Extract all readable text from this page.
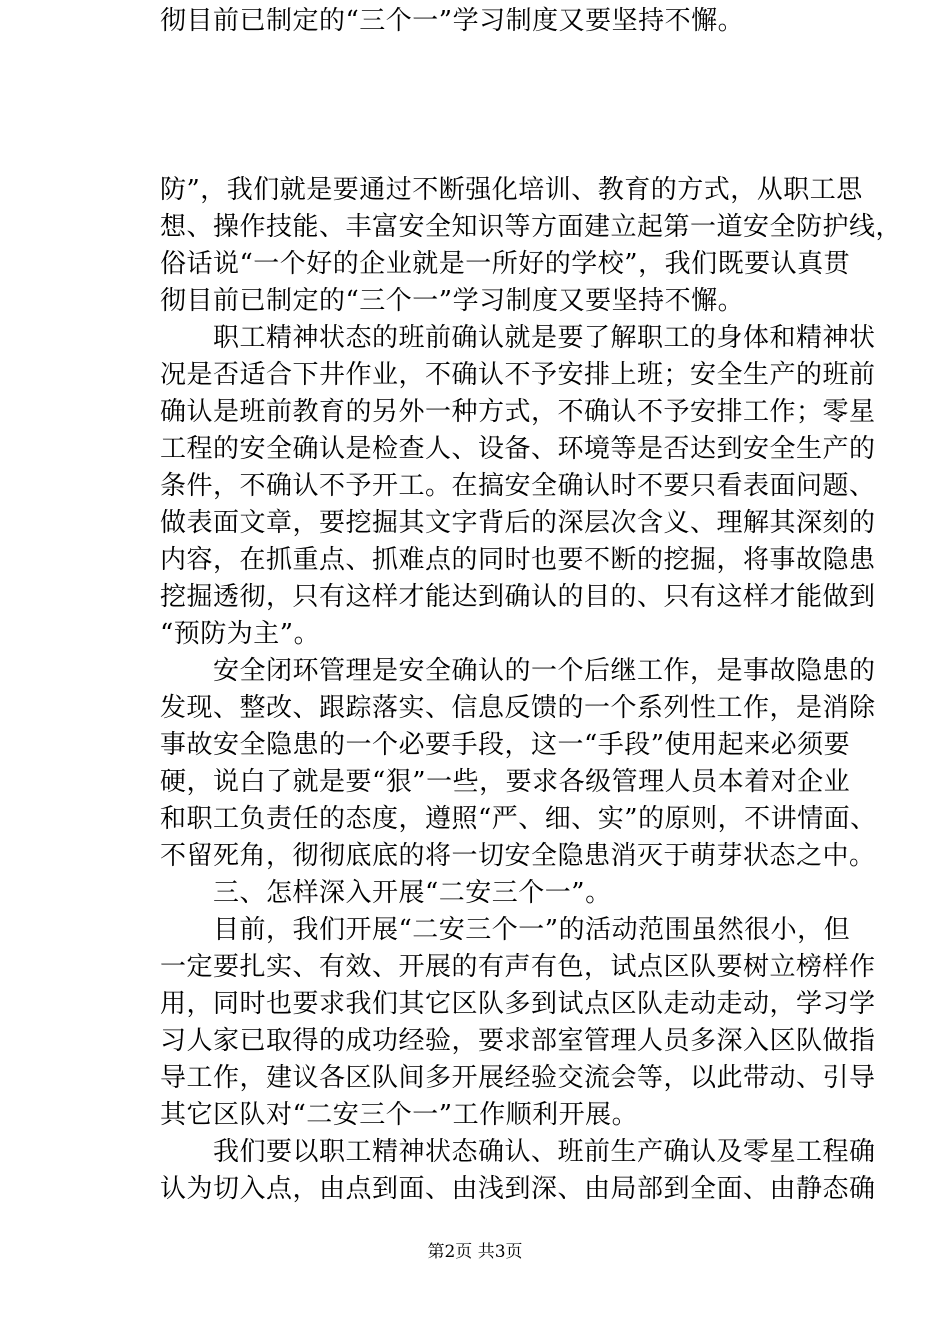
彻目前已制定的“三个一”学习制度又要坚持不懈。
防”，我们就是要通过不断强化培训、教育的方式，从职工思
想、操作技能、丰富安全知识等方面建立起第一道安全防护线，
俗话说“一个好的企业就是一所好的学校”，我们既要认真贯
彻目前已制定的“三个一”学习制度又要坚持不懈。
　　职工精神状态的班前确认就是要了解职工的身体和精神状
况是否适合下井作业，不确认不予安排上班；安全生产的班前
确认是班前教育的另外一种方式，不确认不予安排工作；零星
工程的安全确认是检查人、设备、环境等是否达到安全生产的
条件，不确认不予开工。在搞安全确认时不要只看表面问题、
做表面文章，要挖掘其文字背后的深层次含义、理解其深刻的
内容，在抓重点、抓难点的同时也要不断的挖掘，将事故隐患
挖掘透彻，只有这样才能达到确认的目的、只有这样才能做到
“预防为主”。
　　安全闭环管理是安全确认的一个后继工作，是事故隐患的
发现、整改、跟踪落实、信息反馈的一个系列性工作，是消除
事故安全隐患的一个必要手段，这一“手段”使用起来必须要
硬，说白了就是要“狠”一些，要求各级管理人员本着对企业
和职工负责任的态度，遵照“严、细、实”的原则，不讲情面、
不留死角，彻彻底底的将一切安全隐患消灭于萌芽状态之中。
　　三、怎样深入开展“二安三个一”。
　　目前，我们开展“二安三个一”的活动范围虽然很小，但
一定要扎实、有效、开展的有声有色，试点区队要树立榜样作
用，同时也要求我们其它区队多到试点区队走动走动，学习学
习人家已取得的成功经验，要求部室管理人员多深入区队做指
导工作，建议各区队间多开展经验交流会等，以此带动、引导
其它区队对“二安三个一”工作顺利开展。
　　我们要以职工精神状态确认、班前生产确认及零星工程确
认为切入点，由点到面、由浅到深、由局部到全面、由静态确
第2页 共3页
